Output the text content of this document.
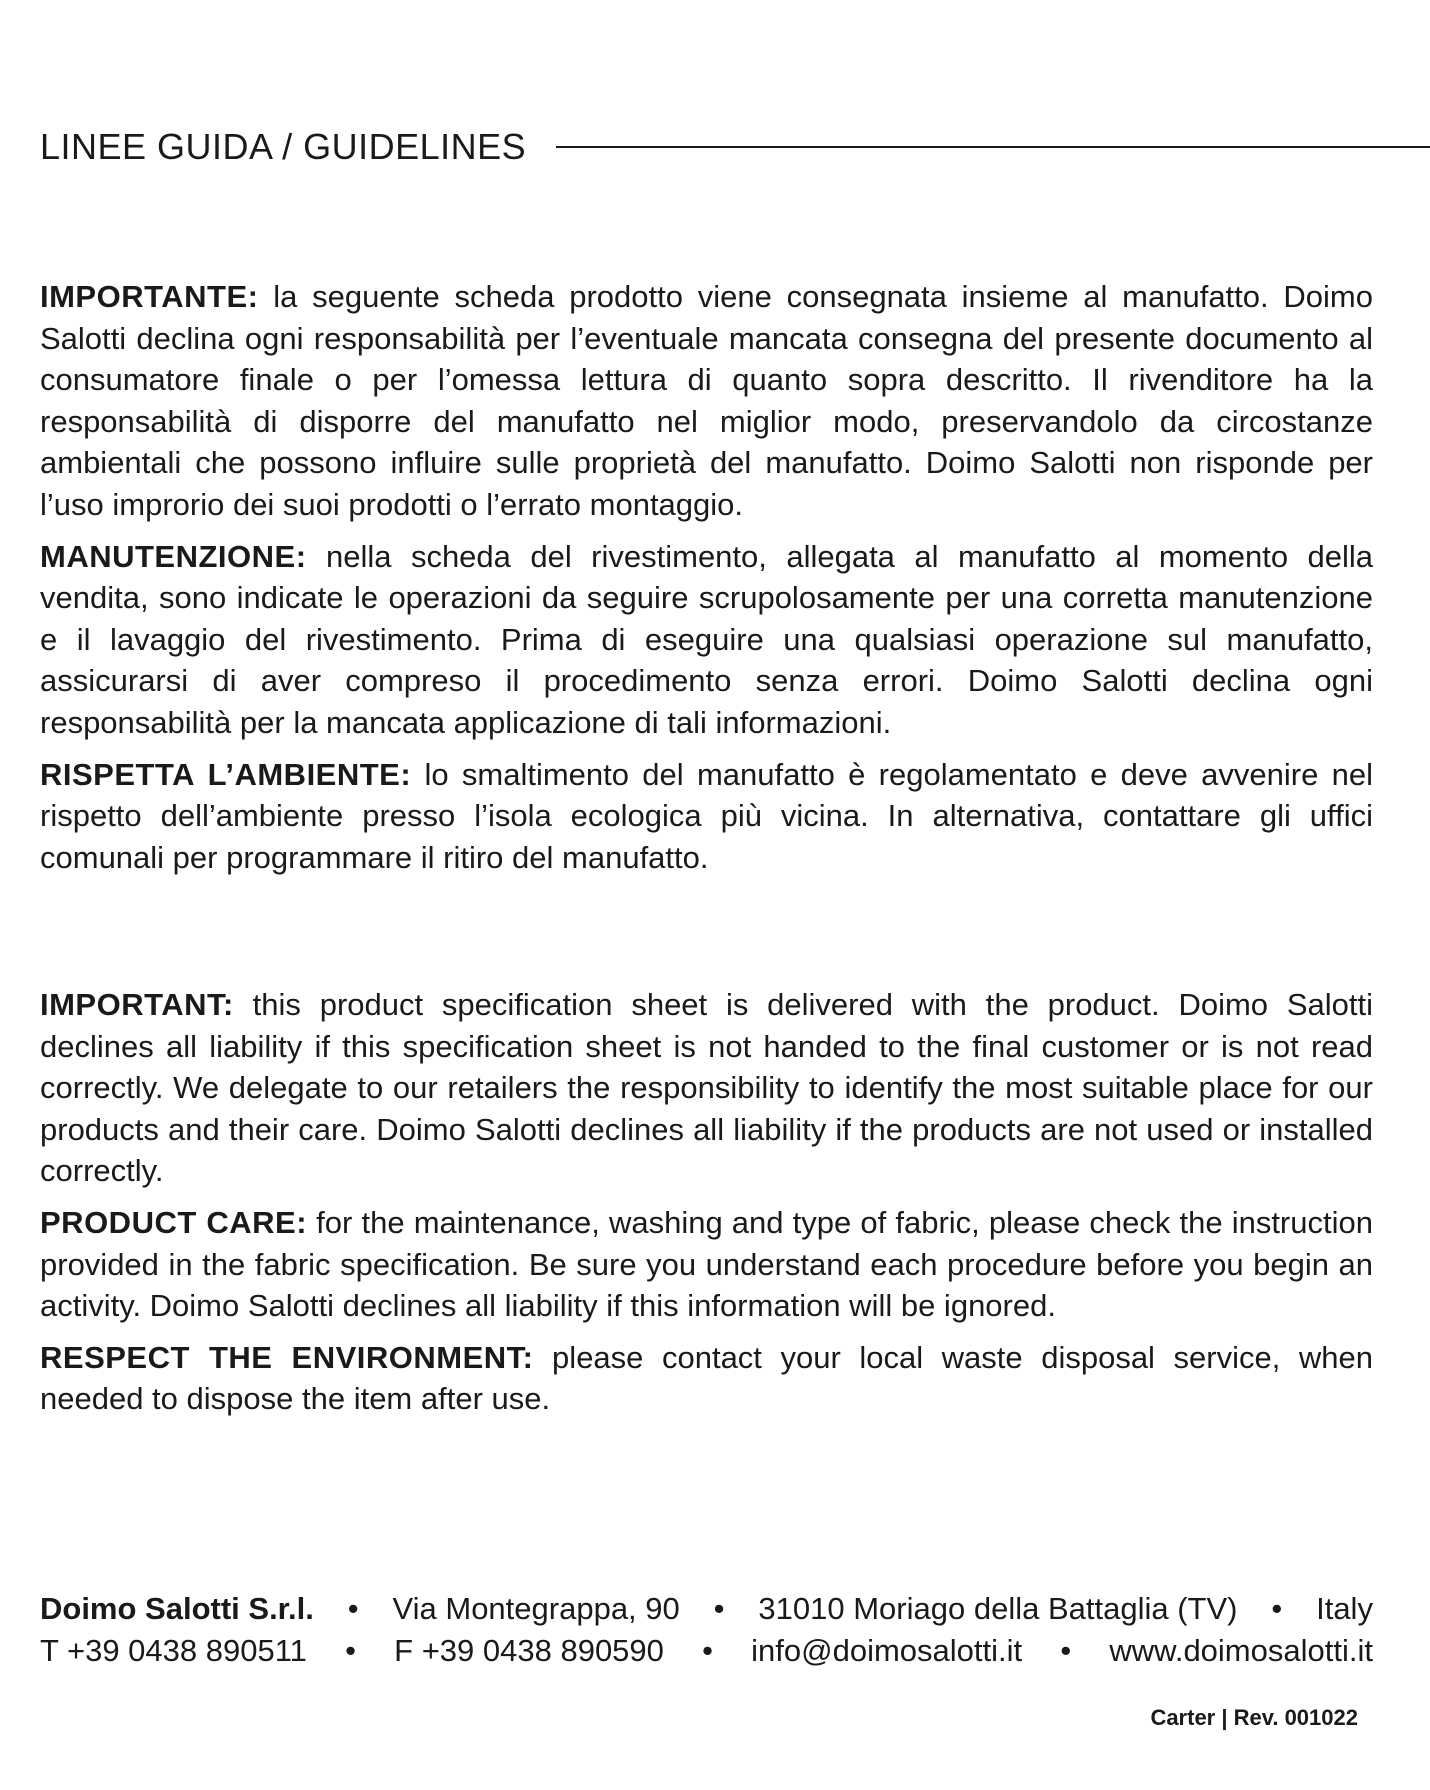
LINEE GUIDA / GUIDELINES

IMPORTANTE: la seguente scheda prodotto viene consegnata insieme al manufatto. Doimo Salotti declina ogni responsabilità per l’eventuale mancata consegna del presente documento al consumatore finale o per l’omessa lettura di quanto sopra descritto. Il rivenditore ha la responsabilità di disporre del manufatto nel miglior modo, preservandolo da circostanze ambientali che possono influire sulle proprietà del manufatto. Doimo Salotti non risponde per l’uso improrio dei suoi prodotti o l’errato montaggio.

MANUTENZIONE: nella scheda del rivestimento, allegata al manufatto al momento della vendita, sono indicate le operazioni da seguire scrupolosamente per una corretta manutenzione e il lavaggio del rivestimento. Prima di eseguire una qualsiasi operazione sul manufatto, assicurarsi di aver compreso il procedimento senza errori. Doimo Salotti declina ogni responsabilità per la mancata applicazione di tali informazioni.

RISPETTA L’AMBIENTE: lo smaltimento del manufatto è regolamentato e deve avvenire nel rispetto dell’ambiente presso l’isola ecologica più vicina. In alternativa, contattare gli uffici comunali per programmare il ritiro del manufatto.

IMPORTANT: this product specification sheet is delivered with the product. Doimo Salotti declines all liability if this specification sheet is not handed to the final customer or is not read correctly. We delegate to our retailers the responsibility to identify the most suitable place for our products and their care. Doimo Salotti declines all liability if the products are not used or installed correctly.

PRODUCT CARE: for the maintenance, washing and type of fabric, please check the instruction provided in the fabric specification. Be sure you understand each procedure before you begin an activity. Doimo Salotti declines all liability if this information will be ignored.

RESPECT THE ENVIRONMENT: please contact your local waste disposal service, when needed to dispose the item after use.

Doimo Salotti S.r.l. • Via Montegrappa, 90 • 31010 Moriago della Battaglia (TV) • Italy
T +39 0438 890511 • F +39 0438 890590 • info@doimosalotti.it • www.doimosalotti.it
Carter | Rev. 001022
